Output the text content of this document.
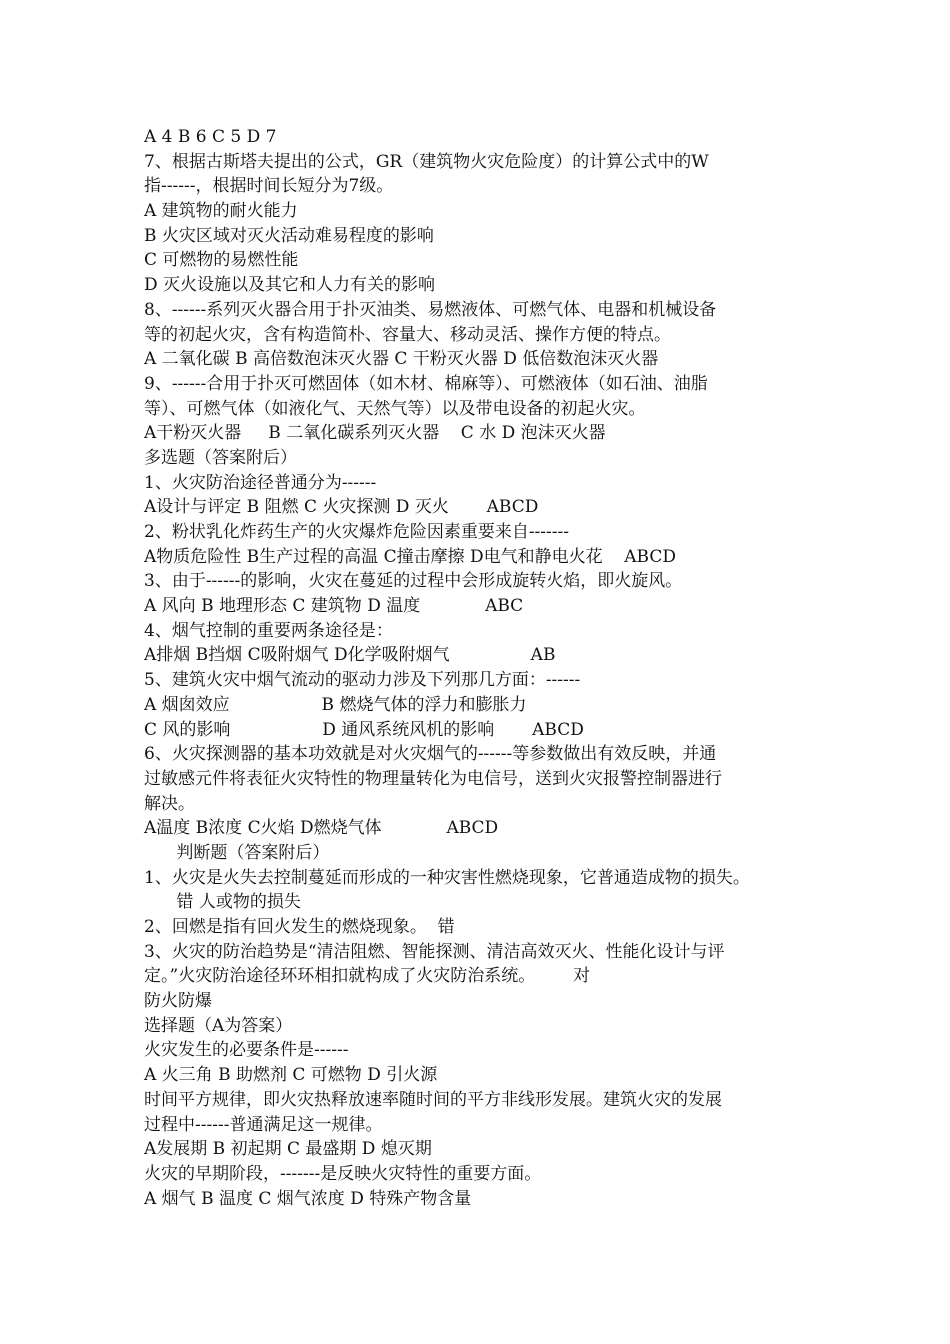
A 4 B 6 C 5 D 7
7、根据古斯塔夫提出的公式，GR（建筑物火灾危险度）的计算公式中的W
指------，根据时间长短分为7级。
A 建筑物的耐火能力
B 火灾区域对灭火活动难易程度的影响
C 可燃物的易燃性能
D 灭火设施以及其它和人力有关的影响
8、------系列灭火器合用于扑灭油类、易燃液体、可燃气体、电器和机械设备
等的初起火灾，含有构造简朴、容量大、移动灵活、操作方便的特点。
A 二氧化碳 B 高倍数泡沫灭火器 C 干粉灭火器 D 低倍数泡沫灭火器
9、------合用于扑灭可燃固体（如木材、棉麻等）、可燃液体（如石油、油脂
等）、可燃气体（如液化气、天然气等）以及带电设备的初起火灾。
A干粉灭火器     B 二氧化碳系列灭火器    C 水 D 泡沫灭火器
多选题（答案附后）
1、火灾防治途径普通分为------
A设计与评定 B 阻燃 C 火灾探测 D 灭火       ABCD
2、粉状乳化炸药生产的火灾爆炸危险因素重要来自-------
A物质危险性 B生产过程的高温 C撞击摩擦 D电气和静电火花    ABCD
3、由于------的影响，火灾在蔓延的过程中会形成旋转火焰，即火旋风。
A 风向 B 地理形态 C 建筑物 D 温度            ABC
4、烟气控制的重要两条途径是：
A排烟 B挡烟 C吸附烟气 D化学吸附烟气               AB
5、建筑火灾中烟气流动的驱动力涉及下列那几方面：------
A 烟囱效应                 B 燃烧气体的浮力和膨胀力
C 风的影响                 D 通风系统风机的影响       ABCD
6、火灾探测器的基本功效就是对火灾烟气的------等参数做出有效反映，并通
过敏感元件将表征火灾特性的物理量转化为电信号，送到火灾报警控制器进行
解决。
A温度 B浓度 C火焰 D燃烧气体            ABCD
判断题（答案附后）
1、火灾是火失去控制蔓延而形成的一种灾害性燃烧现象，它普通造成物的损失。
错 人或物的损失
2、回燃是指有回火发生的燃烧现象。  错
3、火灾的防治趋势是“清洁阻燃、智能探测、清洁高效灭火、性能化设计与评
定。”火灾防治途径环环相扣就构成了火灾防治系统。       对
防火防爆
选择题（A为答案）
火灾发生的必要条件是------
A 火三角 B 助燃剂 C 可燃物 D 引火源
时间平方规律，即火灾热释放速率随时间的平方非线形发展。建筑火灾的发展
过程中------普通满足这一规律。
A发展期 B 初起期 C 最盛期 D 熄灭期
火灾的早期阶段，-------是反映火灾特性的重要方面。
A 烟气 B 温度 C 烟气浓度 D 特殊产物含量
